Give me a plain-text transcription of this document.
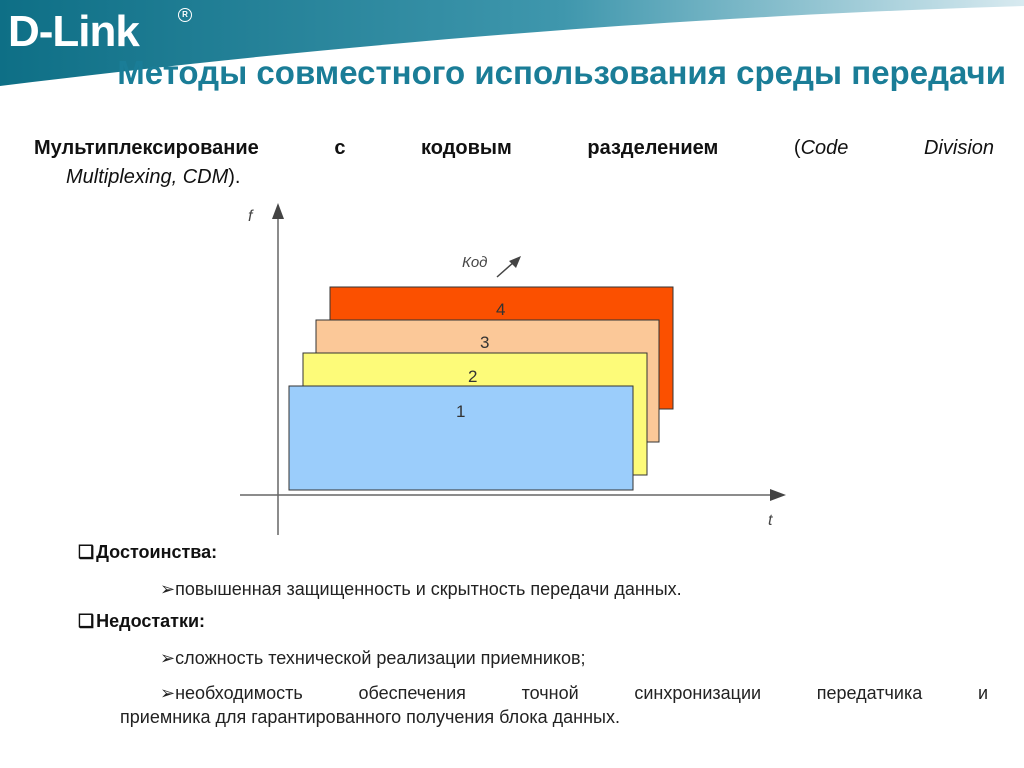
D-Link	R
Методы совместного использования среды передачи
Мультиплексирование с кодовым разделением	(Code Division
Multiplexing, CDM).
f
t
Код
4
3
2
1
❑ Достоинства:
➢повышенная защищенность и скрытность передачи данных.
❑ Недостатки:
➢сложность технической реализации приемников;
➢необходимость обеспечения точной синхронизации передатчика и
приемника для гарантированного получения блока данных.
